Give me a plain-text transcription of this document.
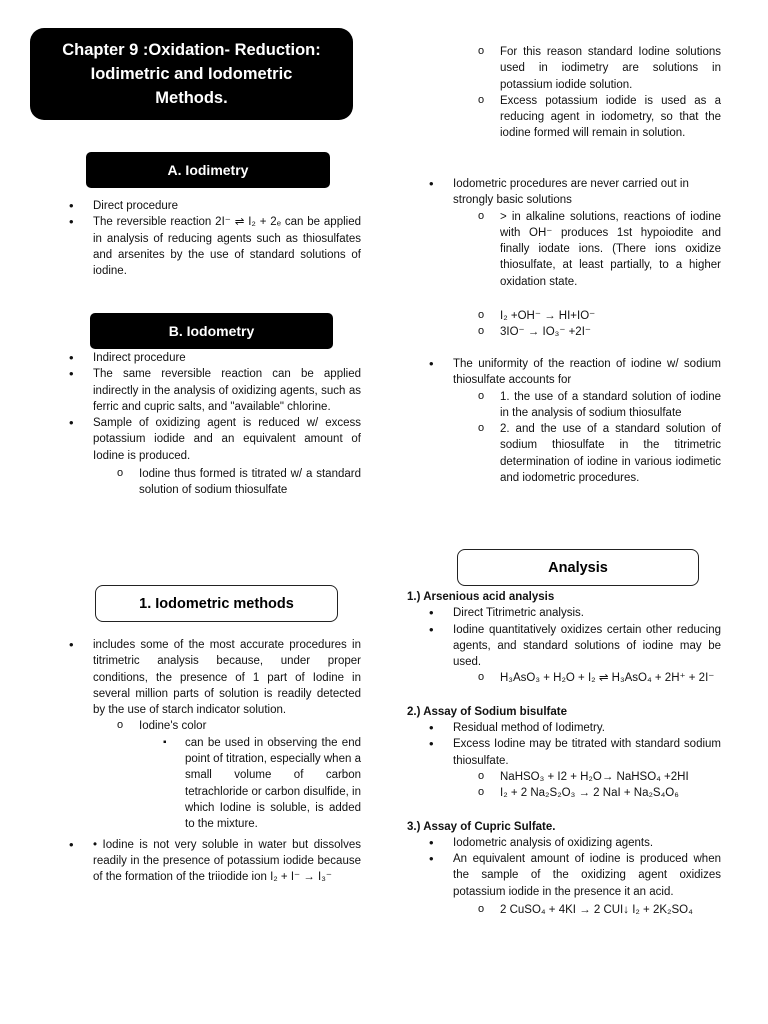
Chapter 9 :Oxidation- Reduction:
Iodimetric and Iodometric
Methods.
A. Iodimetry
• Direct procedure
• The reversible reaction 2I⁻ ⇌ I₂ + 2ₑ can be applied in analysis of reducing agents such as thiosulfates and arsenites by the use of standard solutions of iodine.
B. Iodometry
• Indirect procedure
• The same reversible reaction can be applied indirectly in the analysis of oxidizing agents, such as ferric and cupric salts, and "available" chlorine.
• Sample of oxidizing agent is reduced w/ excess potassium iodide and an equivalent amount of Iodine is produced.
o Iodine thus formed is titrated w/ a standard solution of sodium thiosulfate
1. Iodometric methods
• includes some of the most accurate procedures in titrimetric analysis because, under proper conditions, the presence of 1 part of Iodine in several million parts of solution is readily detected by the use of starch indicator solution.
o Iodine's color
▪ can be used in observing the end point of titration, especially when a small volume of carbon tetrachloride or carbon disulfide, in which Iodine is soluble, is added to the mixture.
• • Iodine is not very soluble in water but dissolves readily in the presence of potassium iodide because of the formation of the triiodide ion I₂ + I⁻ → I₃⁻
o For this reason standard Iodine solutions used in iodimetry are solutions in potassium iodide solution.
o Excess potassium iodide is used as a reducing agent in iodometry, so that the iodine formed will remain in solution.
• Iodometric procedures are never carried out in strongly basic solutions
o > in alkaline solutions, reactions of iodine with OH⁻ produces 1st hypoiodite and finally iodate ions. (There ions oxidize thiosulfate, at least partially, to a higher oxidation state.
o I₂ +OH⁻ → HI+IO⁻
o 3IO⁻ → IO₃⁻ +2I⁻
• The uniformity of the reaction of iodine w/ sodium thiosulfate accounts for
o 1. the use of a standard solution of iodine in the analysis of sodium thiosulfate
o 2. and the use of a standard solution of sodium thiosulfate in the titrimetric determination of iodine in various iodimetic and iodometric procedures.
Analysis
1.) Arsenious acid analysis
• Direct Titrimetric analysis.
• Iodine quantitatively oxidizes certain other reducing agents, and standard solutions of iodine may be used.
o H₃AsO₃ + H₂O + I₂ ⇌ H₃AsO₄ + 2H⁺ + 2I⁻
2.) Assay of Sodium bisulfate
• Residual method of Iodimetry.
• Excess Iodine may be titrated with standard sodium thiosulfate.
o NaHSO₃ + I2 + H₂O→ NaHSO₄ +2HI
o I₂ + 2 Na₂S₂O₃ → 2 NaI + Na₂S₄O₆
3.) Assay of Cupric Sulfate.
• Iodometric analysis of oxidizing agents.
• An equivalent amount of iodine is produced when the sample of the oxidizing agent oxidizes potassium iodide in the presence it an acid.
o 2 CuSO₄ + 4KI → 2 CUI↓ I₂ + 2K₂SO₄
